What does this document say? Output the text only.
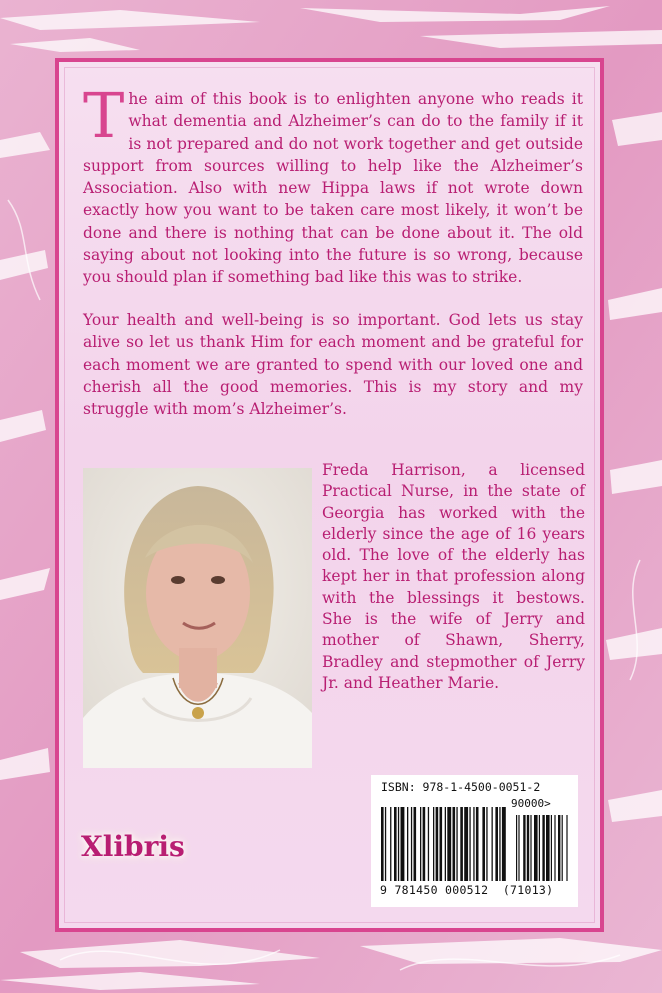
The aim of this book is to enlighten anyone who reads it what dementia and Alzheimer’s can do to the family if it is not prepared and do not work together and get outside support from sources willing to help like the Alzheimer’s Association. Also with new Hippa laws if not wrote down exactly how you want to be taken care most likely, it won’t be done and there is nothing that can be done about it. The old saying about not looking into the future is so wrong, because you should plan if something bad like this was to strike.

Your health and well-being is so important. God lets us stay alive so let us thank Him for each moment and be grateful for each moment we are granted to spend with our loved one and cherish all the good memories. This is my story and my struggle with mom’s Alzheimer’s.

Freda Harrison, a licensed Practical Nurse, in the state of Georgia has worked with the elderly since the age of 16 years old. The love of the elderly has kept her in that profession along with the blessings it bestows. She is the wife of Jerry and mother of Shawn, Sherry, Bradley and stepmother of Jerry Jr. and Heather Marie.

Xlibris
ISBN: 978-1-4500-0051-2
90000>
9 781450 000512 (71013)
